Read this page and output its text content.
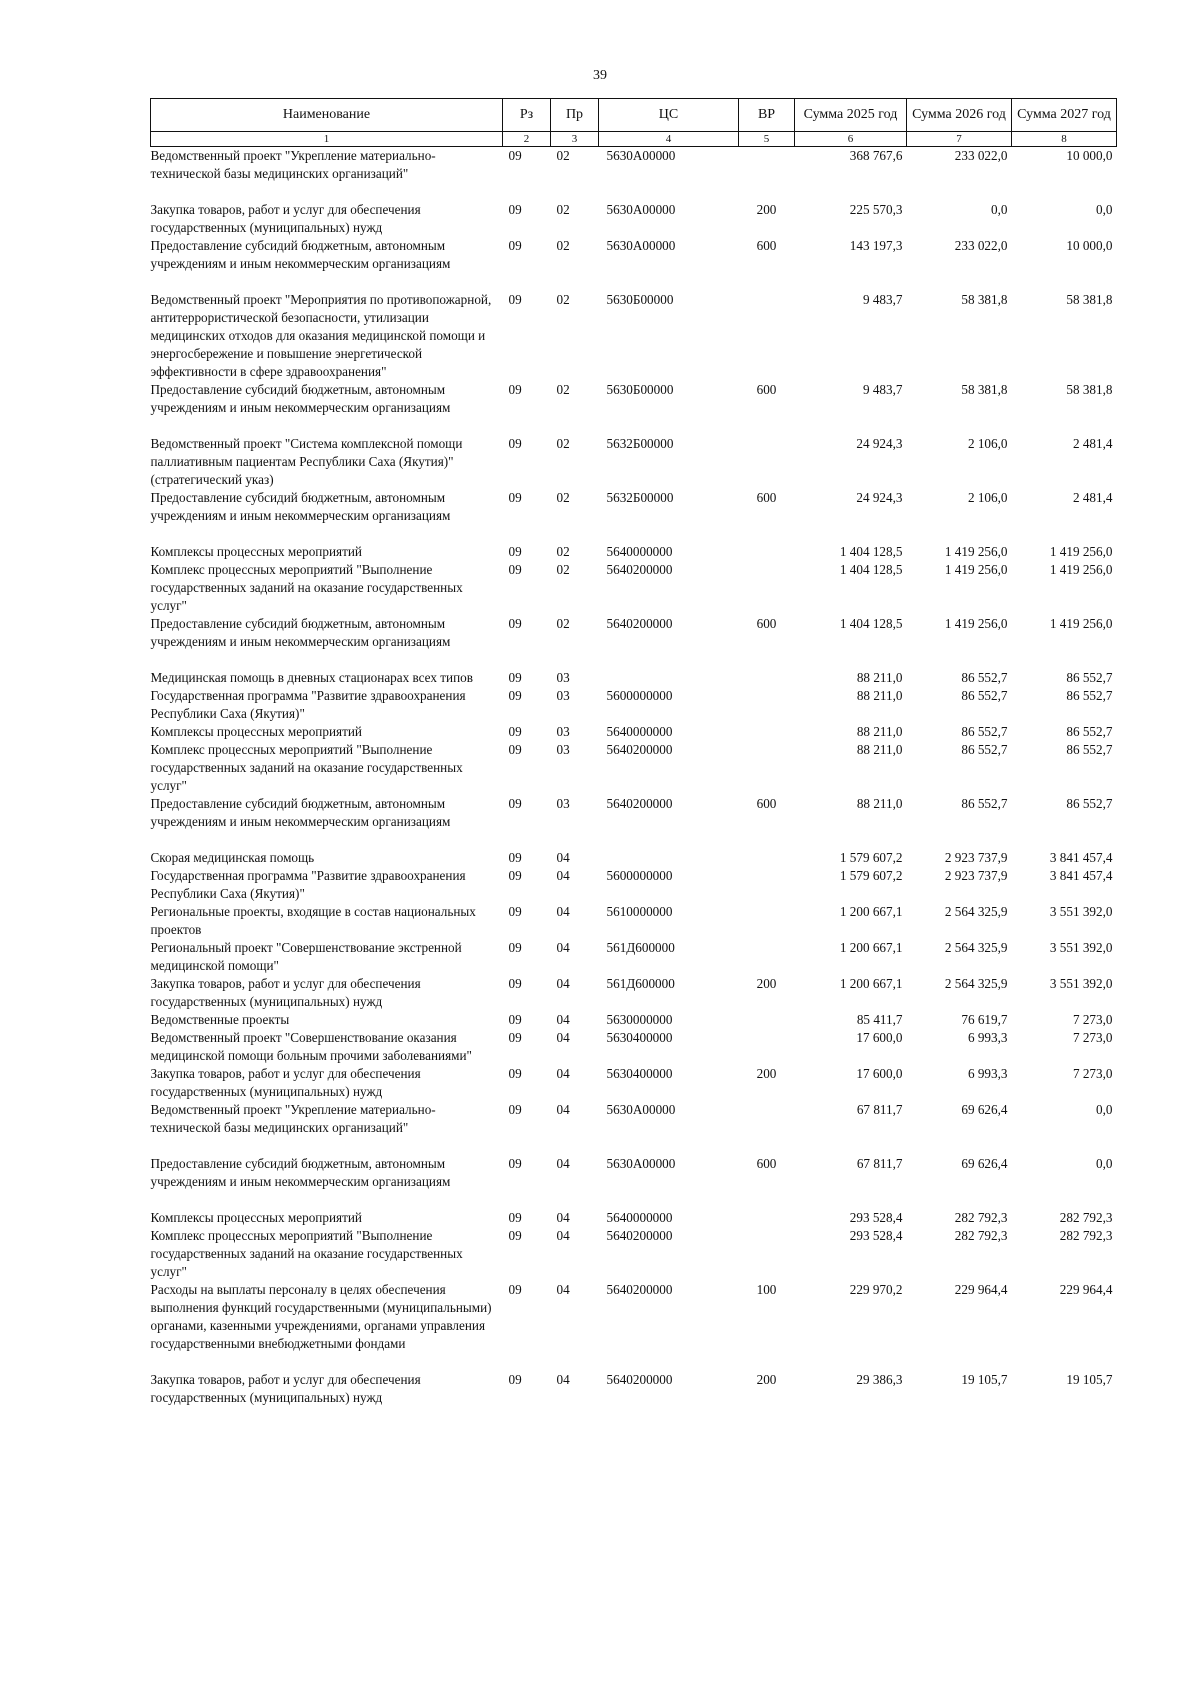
39
Наименование	Рз	Пр	ЦС	ВР	Сумма 2025 год	Сумма 2026 год	Сумма 2027 год
1	2	3	4	5	6	7	8
Ведомственный проект "Укрепление материально-технической базы медицинских организаций"	09	02	5630А00000		368 767,6	233 022,0	10 000,0

Закупка товаров, работ и услуг для обеспечения государственных (муниципальных) нужд	09	02	5630А00000	200	225 570,3	0,0	0,0
Предоставление субсидий бюджетным, автономным учреждениям и иным некоммерческим организациям	09	02	5630А00000	600	143 197,3	233 022,0	10 000,0

Ведомственный проект "Мероприятия по противопожарной, антитеррористической безопасности, утилизации медицинских отходов для оказания медицинской помощи и энергосбережение и повышение энергетической эффективности в сфере здравоохранения"	09	02	5630Б00000		9 483,7	58 381,8	58 381,8
Предоставление субсидий бюджетным, автономным учреждениям и иным некоммерческим организациям	09	02	5630Б00000	600	9 483,7	58 381,8	58 381,8

Ведомственный проект "Система комплексной помощи паллиативным пациентам Республики Саха (Якутия)" (стратегический указ)	09	02	5632Б00000		24 924,3	2 106,0	2 481,4
Предоставление субсидий бюджетным, автономным учреждениям и иным некоммерческим организациям	09	02	5632Б00000	600	24 924,3	2 106,0	2 481,4

Комплексы процессных мероприятий	09	02	5640000000		1 404 128,5	1 419 256,0	1 419 256,0
Комплекс процессных мероприятий "Выполнение государственных заданий на оказание государственных услуг"	09	02	5640200000		1 404 128,5	1 419 256,0	1 419 256,0
Предоставление субсидий бюджетным, автономным учреждениям и иным некоммерческим организациям	09	02	5640200000	600	1 404 128,5	1 419 256,0	1 419 256,0

Медицинская помощь в дневных стационарах всех типов	09	03			88 211,0	86 552,7	86 552,7
Государственная программа "Развитие здравоохранения Республики Саха (Якутия)"	09	03	5600000000		88 211,0	86 552,7	86 552,7
Комплексы процессных мероприятий	09	03	5640000000		88 211,0	86 552,7	86 552,7
Комплекс процессных мероприятий "Выполнение государственных заданий на оказание государственных услуг"	09	03	5640200000		88 211,0	86 552,7	86 552,7
Предоставление субсидий бюджетным, автономным учреждениям и иным некоммерческим организациям	09	03	5640200000	600	88 211,0	86 552,7	86 552,7

Скорая медицинская помощь	09	04			1 579 607,2	2 923 737,9	3 841 457,4
Государственная программа "Развитие здравоохранения Республики Саха (Якутия)"	09	04	5600000000		1 579 607,2	2 923 737,9	3 841 457,4
Региональные проекты, входящие в состав национальных проектов	09	04	5610000000		1 200 667,1	2 564 325,9	3 551 392,0
Региональный проект "Совершенствование экстренной медицинской помощи"	09	04	561Д600000		1 200 667,1	2 564 325,9	3 551 392,0
Закупка товаров, работ и услуг для обеспечения государственных (муниципальных) нужд	09	04	561Д600000	200	1 200 667,1	2 564 325,9	3 551 392,0
Ведомственные проекты	09	04	5630000000		85 411,7	76 619,7	7 273,0
Ведомственный проект "Совершенствование оказания медицинской помощи больным прочими заболеваниями"	09	04	5630400000		17 600,0	6 993,3	7 273,0
Закупка товаров, работ и услуг для обеспечения государственных (муниципальных) нужд	09	04	5630400000	200	17 600,0	6 993,3	7 273,0
Ведомственный проект "Укрепление материально-технической базы медицинских организаций"	09	04	5630А00000		67 811,7	69 626,4	0,0

Предоставление субсидий бюджетным, автономным учреждениям и иным некоммерческим организациям	09	04	5630А00000	600	67 811,7	69 626,4	0,0

Комплексы процессных мероприятий	09	04	5640000000		293 528,4	282 792,3	282 792,3
Комплекс процессных мероприятий "Выполнение государственных заданий на оказание государственных услуг"	09	04	5640200000		293 528,4	282 792,3	282 792,3
Расходы на выплаты персоналу в целях обеспечения выполнения функций государственными (муниципальными) органами, казенными учреждениями, органами управления государственными внебюджетными фондами	09	04	5640200000	100	229 970,2	229 964,4	229 964,4

Закупка товаров, работ и услуг для обеспечения государственных (муниципальных) нужд	09	04	5640200000	200	29 386,3	19 105,7	19 105,7
